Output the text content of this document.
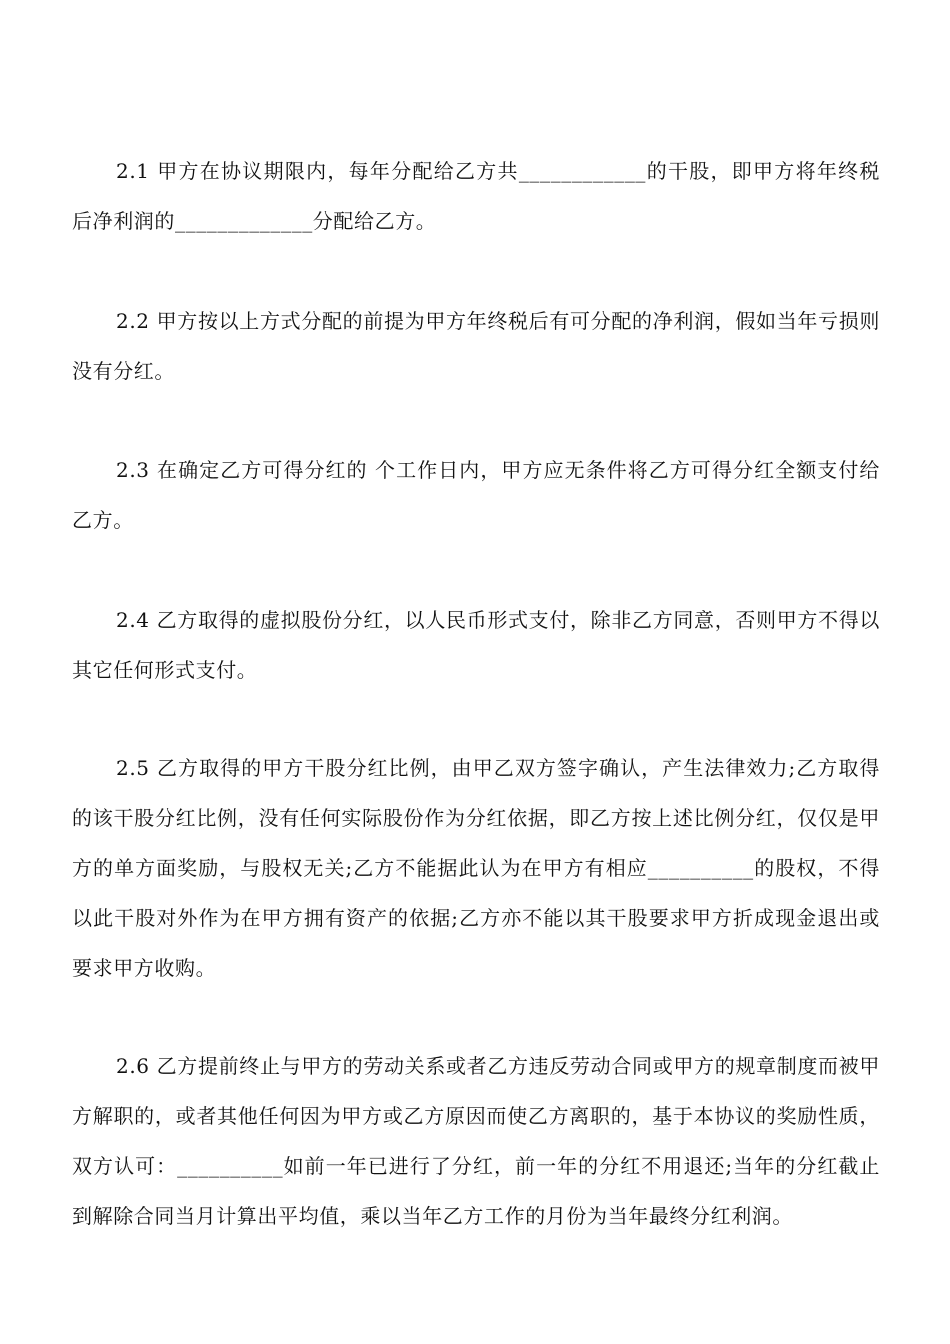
2.1 甲方在协议期限内，每年分配给乙方共____________的干股，即甲方将年终税后净利润的_____________分配给乙方。

2.2 甲方按以上方式分配的前提为甲方年终税后有可分配的净利润，假如当年亏损则没有分红。

2.3 在确定乙方可得分红的 个工作日内，甲方应无条件将乙方可得分红全额支付给乙方。

2.4 乙方取得的虚拟股份分红，以人民币形式支付，除非乙方同意，否则甲方不得以其它任何形式支付。

2.5 乙方取得的甲方干股分红比例，由甲乙双方签字确认，产生法律效力;乙方取得的该干股分红比例，没有任何实际股份作为分红依据，即乙方按上述比例分红，仅仅是甲方的单方面奖励，与股权无关;乙方不能据此认为在甲方有相应__________的股权，不得以此干股对外作为在甲方拥有资产的依据;乙方亦不能以其干股要求甲方折成现金退出或要求甲方收购。

2.6 乙方提前终止与甲方的劳动关系或者乙方违反劳动合同或甲方的规章制度而被甲方解职的，或者其他任何因为甲方或乙方原因而使乙方离职的，基于本协议的奖励性质，双方认可：__________如前一年已进行了分红，前一年的分红不用退还;当年的分红截止到解除合同当月计算出平均值，乘以当年乙方工作的月份为当年最终分红利润。
